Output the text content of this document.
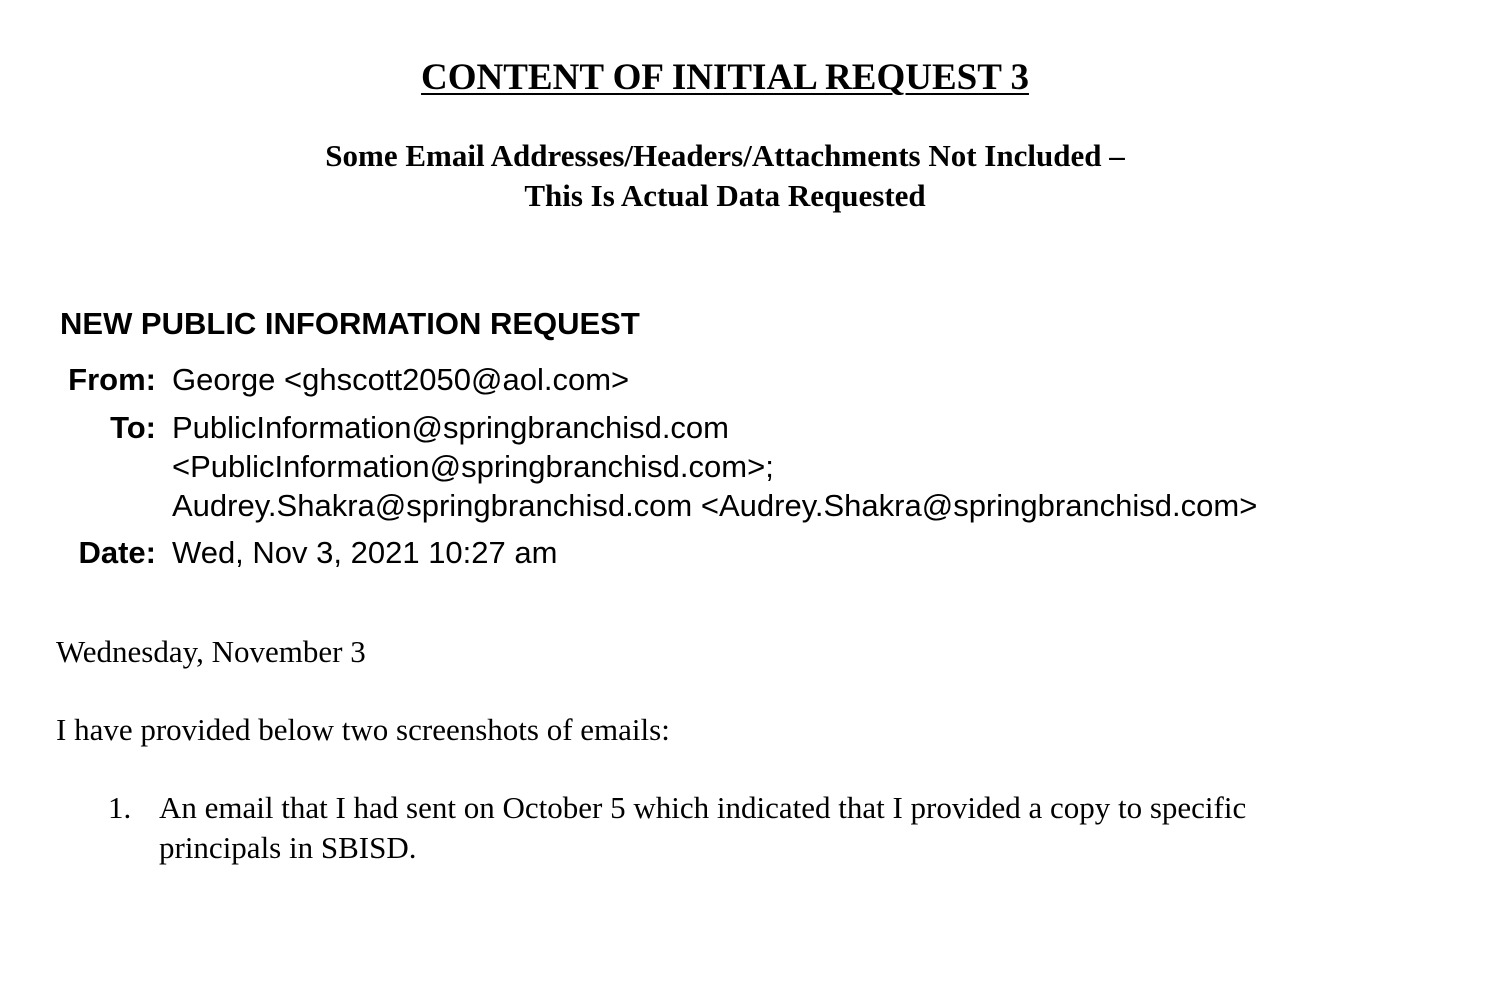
CONTENT OF INITIAL REQUEST 3
Some Email Addresses/Headers/Attachments Not Included –
This Is Actual Data Requested
NEW PUBLIC INFORMATION REQUEST
From: George <ghscott2050@aol.com>
To: PublicInformation@springbranchisd.com
<PublicInformation@springbranchisd.com>;
Audrey.Shakra@springbranchisd.com <Audrey.Shakra@springbranchisd.com>
Date: Wed, Nov 3, 2021 10:27 am
Wednesday, November 3
I have provided below two screenshots of emails:
1. An email that I had sent on October 5 which indicated that I provided a copy to specific
principals in SBISD.
